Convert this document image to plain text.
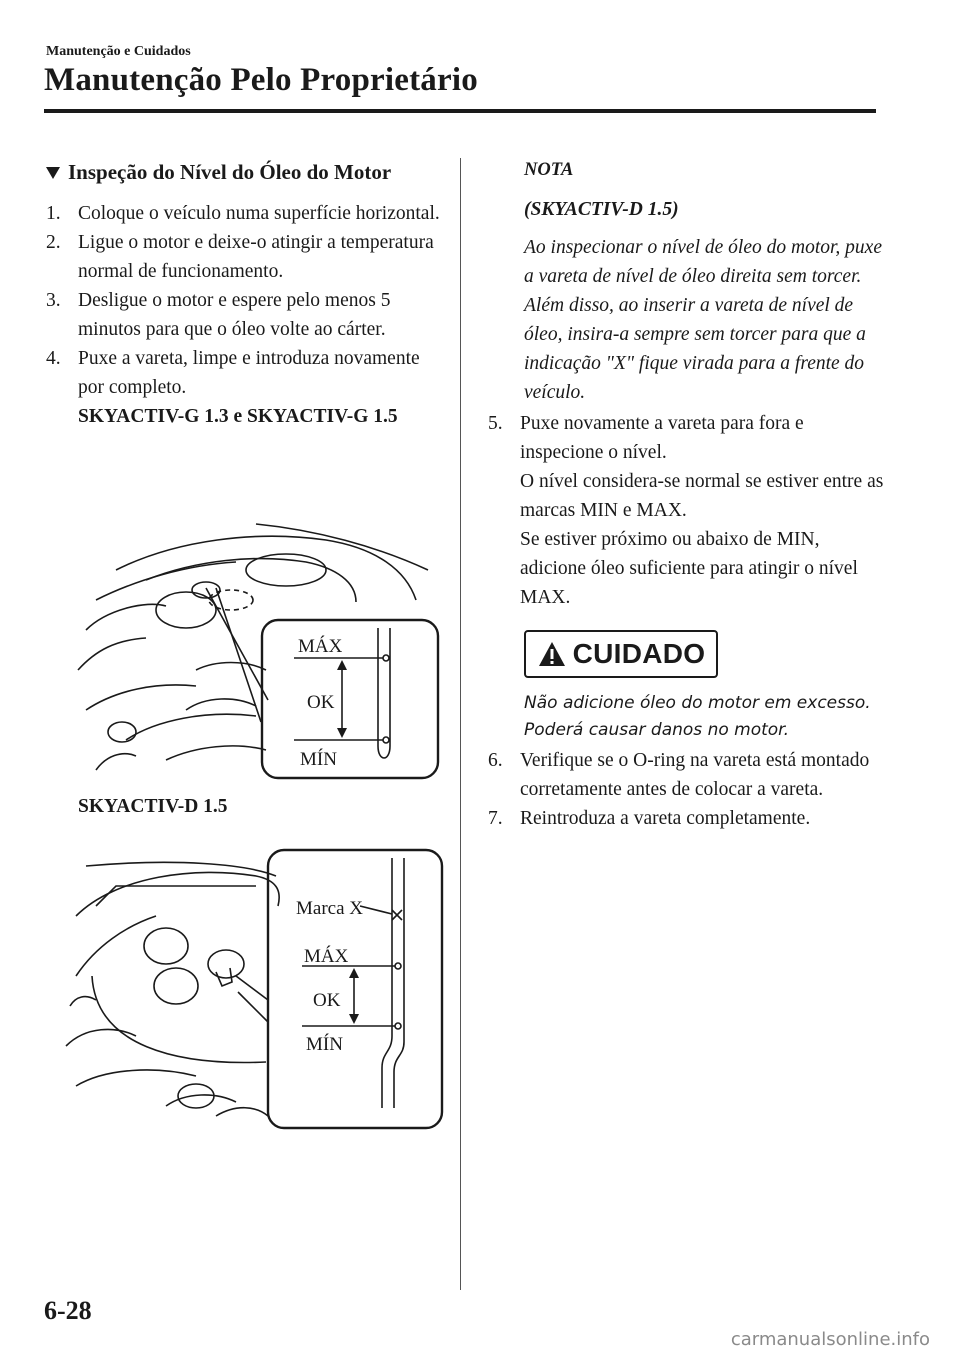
Manutenção e Cuidados
Manutenção Pelo Proprietário
Inspeção do Nível do Óleo do Motor
1. Coloque o veículo numa superfície horizontal.
2. Ligue o motor e deixe-o atingir a temperatura normal de funcionamento.
3. Desligue o motor e espere pelo menos 5 minutos para que o óleo volte ao cárter.
4. Puxe a vareta, limpe e introduza novamente por completo.
SKYACTIV-G 1.3 e SKYACTIV-G 1.5
MÁX
OK
MÍN
SKYACTIV-D 1.5
Marca X
MÁX
OK
MÍN
NOTA
(SKYACTIV-D 1.5)
Ao inspecionar o nível de óleo do motor, puxe a vareta de nível de óleo direita sem torcer. Além disso, ao inserir a vareta de nível de óleo, insira-a sempre sem torcer para que a indicação "X" fique virada para a frente do veículo.
5. Puxe novamente a vareta para fora e inspecione o nível.
O nível considera-se normal se estiver entre as marcas MIN e MAX.
Se estiver próximo ou abaixo de MIN, adicione óleo suficiente para atingir o nível MAX.
CUIDADO
Não adicione óleo do motor em excesso. Poderá causar danos no motor.
6. Verifique se o O-ring na vareta está montado corretamente antes de colocar a vareta.
7. Reintroduza a vareta completamente.
6-28
carmanualsonline.info
